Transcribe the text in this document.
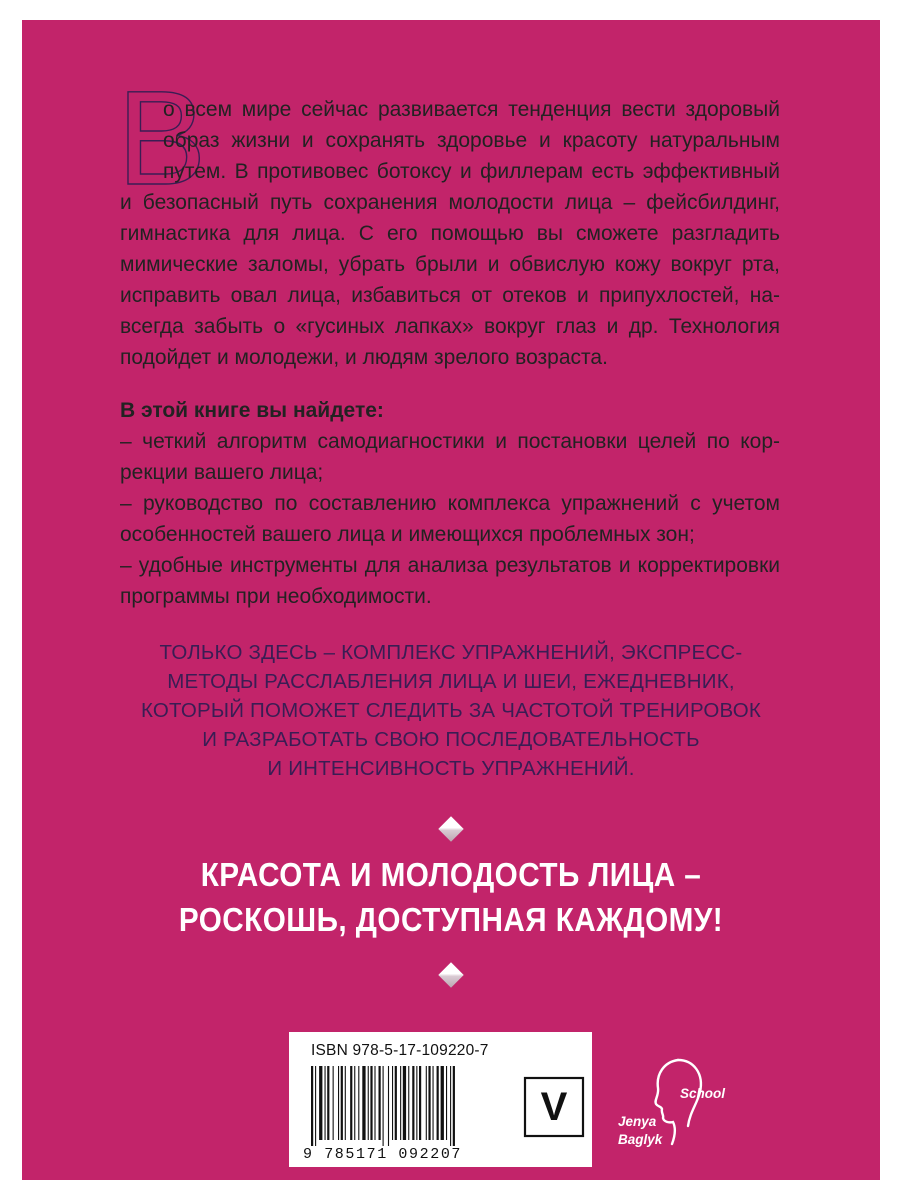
В
о всем мире сейчас развивается тенденция вести здоровый
образ жизни и сохранять здоровье и красоту натуральным
путем. В противовес ботоксу и филлерам есть эффективный
и безопасный путь сохранения молодости лица – фейсбилдинг,
гимнастика для лица. С его помощью вы сможете разгладить
мимические заломы, убрать брыли и обвислую кожу вокруг рта,
исправить овал лица, избавиться от отеков и припухлостей, на-
всегда забыть о «гусиных лапках» вокруг глаз и др. Технология
подойдет и молодежи, и людям зрелого возраста.
В этой книге вы найдете:
– четкий алгоритм самодиагностики и постановки целей по кор-
рекции вашего лица;
– руководство по составлению комплекса упражнений с учетом
особенностей вашего лица и имеющихся проблемных зон;
– удобные инструменты для анализа результатов и корректировки
программы при необходимости.
ТОЛЬКО ЗДЕСЬ – КОМПЛЕКС УПРАЖНЕНИЙ, ЭКСПРЕСС-
МЕТОДЫ РАССЛАБЛЕНИЯ ЛИЦА И ШЕИ, ЕЖЕДНЕВНИК,
КОТОРЫЙ ПОМОЖЕТ СЛЕДИТЬ ЗА ЧАСТОТОЙ ТРЕНИРОВОК
И РАЗРАБОТАТЬ СВОЮ ПОСЛЕДОВАТЕЛЬНОСТЬ
И ИНТЕНСИВНОСТЬ УПРАЖНЕНИЙ.
КРАСОТА И МОЛОДОСТЬ ЛИЦА –
РОСКОШЬ, ДОСТУПНАЯ КАЖДОМУ!
ISBN 978-5-17-109220-7
9 785171 092207
V	School
Jenya
Baglyk
